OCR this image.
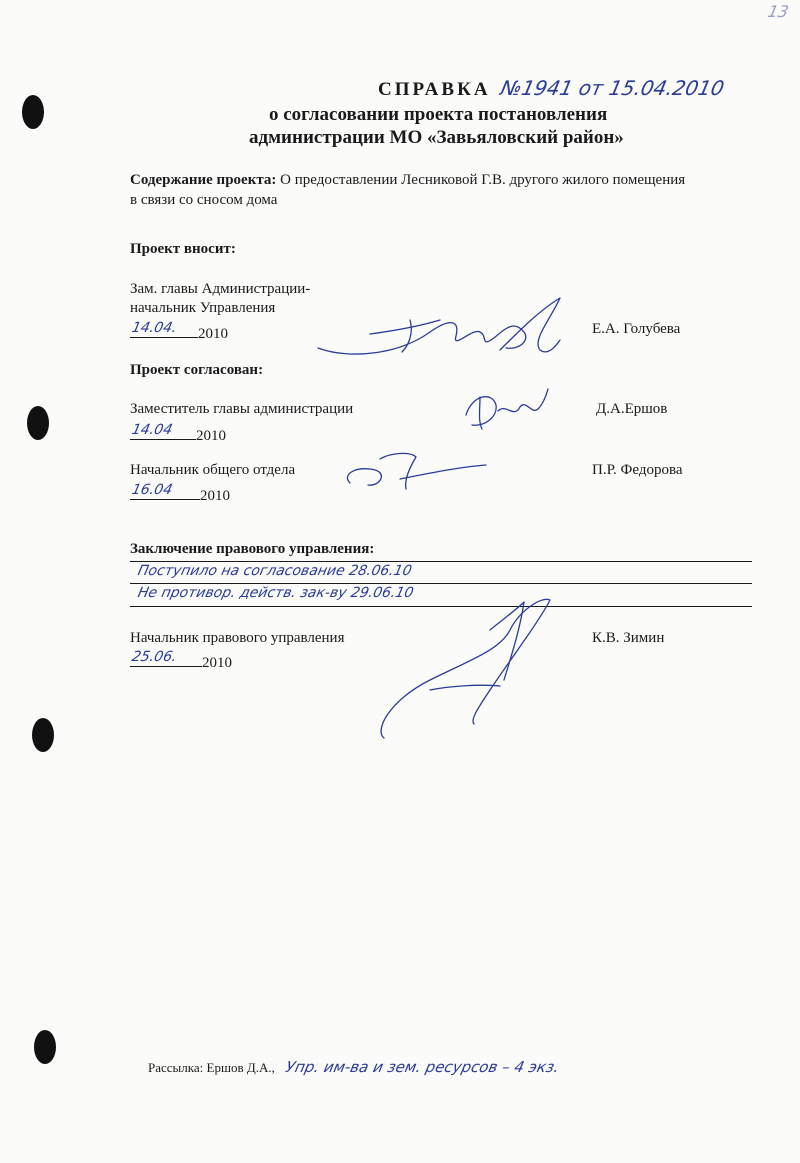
13
СПРАВКА №1941 от 15.04.2010
о согласовании проекта постановления
администрации МО «Завьяловский район»
Содержание проекта: О предоставлении Лесниковой Г.В. другого жилого помещения
в связи со сносом дома
Проект вносит:
Зам. главы Администрации-
начальник Управления
14.04. 2010	Е.А. Голубева
Проект согласован:
Заместитель главы администрации
14.04 2010
Д.А.Ершов
Начальник общего отдела
16.04 2010
П.Р. Федорова
Заключение правового управления:
Поступило на согласование 28.06.10
Не противор. действ. зак-ву 29.06.10
Начальник правового управления
25.06. 2010
К.В. Зимин
Рассылка: Ершов Д.А., Упр. им-ва и зем. ресурсов – 4 экз.
